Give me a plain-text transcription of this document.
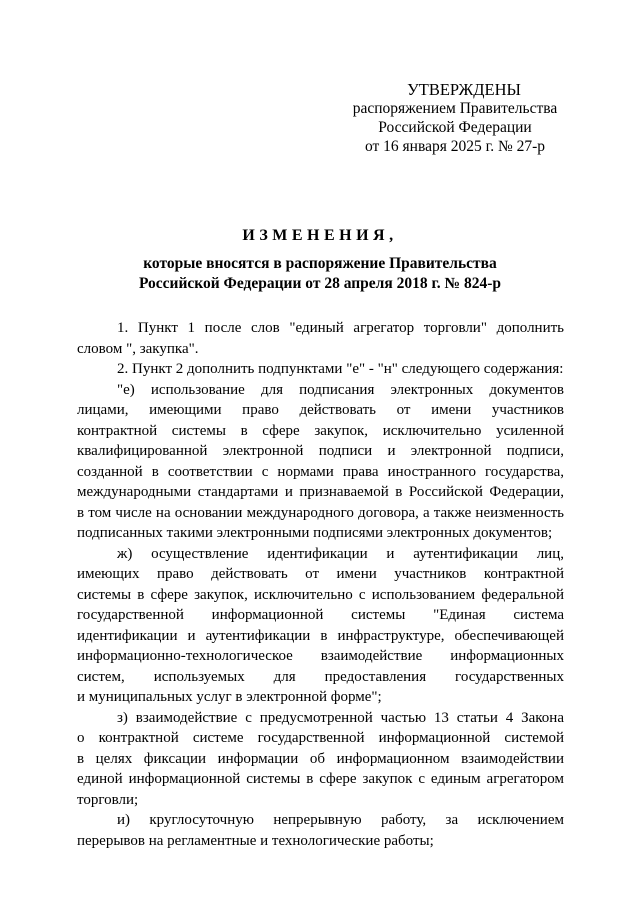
УТВЕРЖДЕНЫ
распоряжением Правительства
Российской Федерации
от 16 января 2025 г. № 27-р
ИЗМЕНЕНИЯ,
которые вносятся в распоряжение Правительства
Российской Федерации от 28 апреля 2018 г. № 824-р
1. Пункт 1 после слов "единый агрегатор торговли" дополнить
словом ", закупка".
2. Пункт 2 дополнить подпунктами "е" - "н" следующего содержания:
"е) использование для подписания электронных документов
лицами, имеющими право действовать от имени участников
контрактной системы в сфере закупок, исключительно усиленной
квалифицированной электронной подписи и электронной подписи,
созданной в соответствии с нормами права иностранного государства,
международными стандартами и признаваемой в Российской Федерации,
в том числе на основании международного договора, а также неизменность
подписанных такими электронными подписями электронных документов;
ж) осуществление идентификации и аутентификации лиц,
имеющих право действовать от имени участников контрактной
системы в сфере закупок, исключительно с использованием федеральной
государственной информационной системы "Единая система
идентификации и аутентификации в инфраструктуре, обеспечивающей
информационно-технологическое взаимодействие информационных
систем, используемых для предоставления государственных
и муниципальных услуг в электронной форме";
з) взаимодействие с предусмотренной частью 13 статьи 4 Закона
о контрактной системе государственной информационной системой
в целях фиксации информации об информационном взаимодействии
единой информационной системы в сфере закупок с единым агрегатором
торговли;
и) круглосуточную непрерывную работу, за исключением
перерывов на регламентные и технологические работы;
